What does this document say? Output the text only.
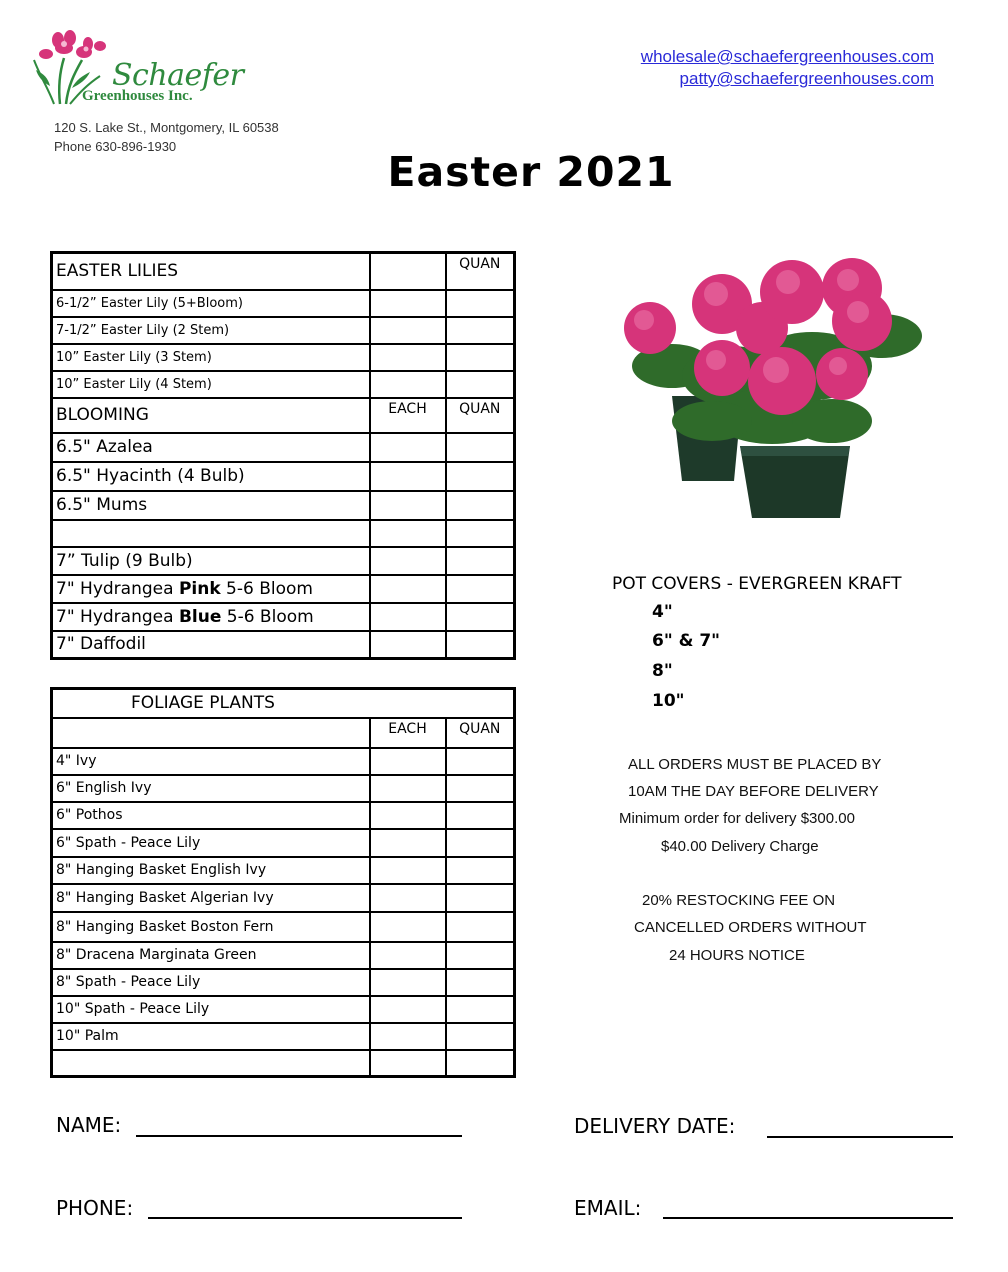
Schaefer
Greenhouses Inc.
120 S. Lake St., Montgomery, IL 60538
Phone 630-896-1930
wholesale@schaefergreenhouses.com
patty@schaefergreenhouses.com
Easter 2021
EASTER LILIES		QUAN
6-1/2” Easter Lily (5+Bloom)		
7-1/2” Easter Lily (2 Stem)		
10” Easter Lily (3 Stem)		
10” Easter Lily (4 Stem)		
BLOOMING	EACH	QUAN
6.5" Azalea		
6.5" Hyacinth (4 Bulb)		
6.5" Mums		

7” Tulip (9 Bulb)		
7" Hydrangea Pink 5-6 Bloom		
7" Hydrangea Blue 5-6 Bloom		
7" Daffodil		
FOLIAGE PLANTS		
	EACH	QUAN
4" Ivy		
6" English Ivy		
6" Pothos		
6" Spath - Peace Lily		
8" Hanging Basket English Ivy		
8" Hanging Basket Algerian Ivy		
8" Hanging Basket Boston Fern		
8" Dracena Marginata Green		
8" Spath - Peace Lily		
10" Spath - Peace Lily		
10" Palm		

POT COVERS - EVERGREEN KRAFT
4"
6" & 7"
8"
10"
ALL ORDERS MUST BE PLACED BY
10AM THE DAY BEFORE DELIVERY
Minimum order for delivery $300.00
$40.00 Delivery Charge
20% RESTOCKING FEE ON
CANCELLED ORDERS WITHOUT
24 HOURS NOTICE
NAME:	DELIVERY DATE:
PHONE:	EMAIL:
